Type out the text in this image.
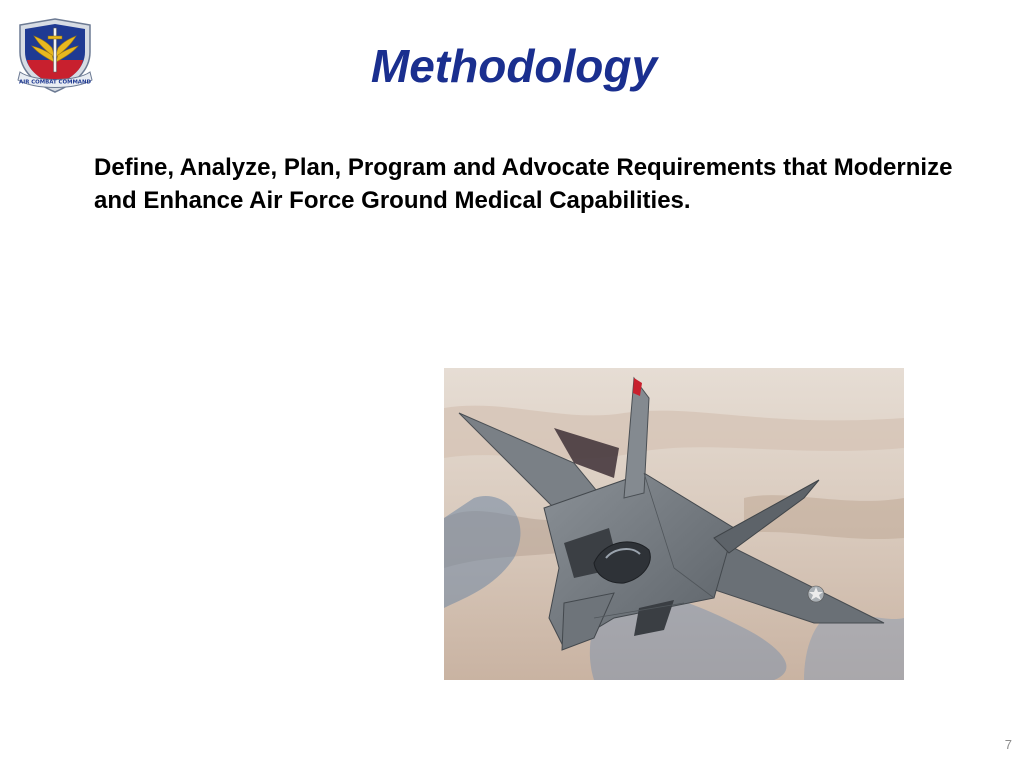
AIR COMBAT COMMAND	Methodology
Define, Analyze, Plan, Program and Advocate Requirements that Modernize and Enhance Air Force Ground Medical Capabilities.
7
